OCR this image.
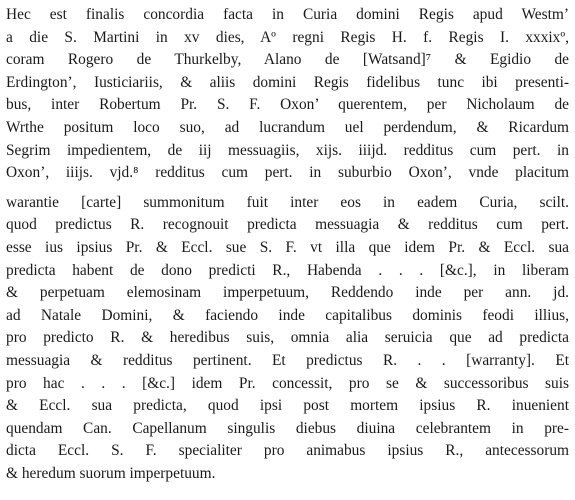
Hec est finalis concordia facta in Curia domini Regis apud Westm’
a die S. Martini in xv dies, Aº regni Regis H. f. Regis I. xxxixº,
coram Rogero de Thurkelby, Alano de [Watsand]⁷ & Egidio de
Erdington’, Iusticiariis, & aliis domini Regis fidelibus tunc ibi presenti-
bus, inter Robertum Pr. S. F. Oxon’ querentem, per Nicholaum de
Wrthe positum loco suo, ad lucrandum uel perdendum, & Ricardum
Segrim impedientem, de iij messuagiis, xijs. iiijd. redditus cum pert. in
Oxon’, iiijs. vjd.⁸ redditus cum pert. in suburbio Oxon’, vnde placitum
warantie [carte] summonitum fuit inter eos in eadem Curia, scilt.
quod predictus R. recognouit predicta messuagia & redditus cum pert.
esse ius ipsius Pr. & Eccl. sue S. F. vt illa que idem Pr. & Eccl. sua
predicta habent de dono predicti R., Habenda . . . [&c.], in liberam
& perpetuam elemosinam imperpetuum, Reddendo inde per ann. jd.
ad Natale Domini, & faciendo inde capitalibus dominis feodi illius,
pro predicto R. & heredibus suis, omnia alia seruicia que ad predicta
messuagia & redditus pertinent. Et predictus R. . . [warranty]. Et
pro hac . . . [&c.] idem Pr. concessit, pro se & successoribus suis
& Eccl. sua predicta, quod ipsi post mortem ipsius R. inuenient
quendam Can. Capellanum singulis diebus diuina celebrantem in pre-
dicta Eccl. S. F. specialiter pro animabus ipsius R., antecessorum
& heredum suorum imperpetuum.
